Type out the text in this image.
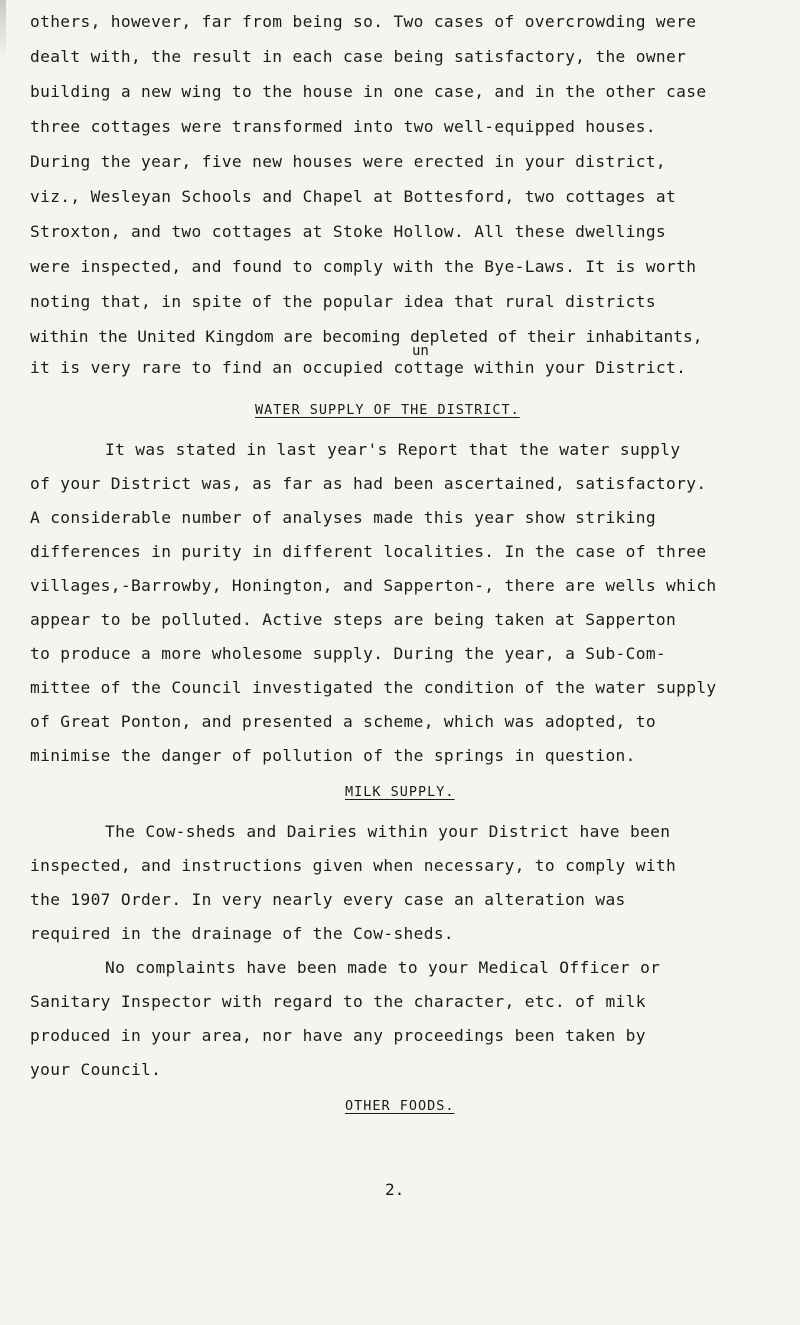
others, however, far from being so. Two cases of overcrowding were
dealt with, the result in each case being satisfactory, the owner
building a new wing to the house in one case, and in the other case
three cottages were transformed into two well-equipped houses.
During the year, five new houses were erected in your district,
viz., Wesleyan Schools and Chapel at Bottesford, two cottages at
Stroxton, and two cottages at Stoke Hollow. All these dwellings
were inspected, and found to comply with the Bye-Laws. It is worth
noting that, in spite of the popular idea that rural districts
within the United Kingdom are becoming depleted of their inhabitants,
un
it is very rare to find an occupied cottage within your District.
WATER SUPPLY OF THE DISTRICT.
It was stated in last year's Report that the water supply
of your District was, as far as had been ascertained, satisfactory.
A considerable number of analyses made this year show striking
differences in purity in different localities. In the case of three
villages,-Barrowby, Honington, and Sapperton-, there are wells which
appear to be polluted. Active steps are being taken at Sapperton
to produce a more wholesome supply. During the year, a Sub-Com-
mittee of the Council investigated the condition of the water supply
of Great Ponton, and presented a scheme, which was adopted, to
minimise the danger of pollution of the springs in question.
MILK SUPPLY.
The Cow-sheds and Dairies within your District have been
inspected, and instructions given when necessary, to comply with
the 1907 Order. In very nearly every case an alteration was
required in the drainage of the Cow-sheds.
No complaints have been made to your Medical Officer or
Sanitary Inspector with regard to the character, etc. of milk
produced in your area, nor have any proceedings been taken by
your Council.
OTHER FOODS.
2.
